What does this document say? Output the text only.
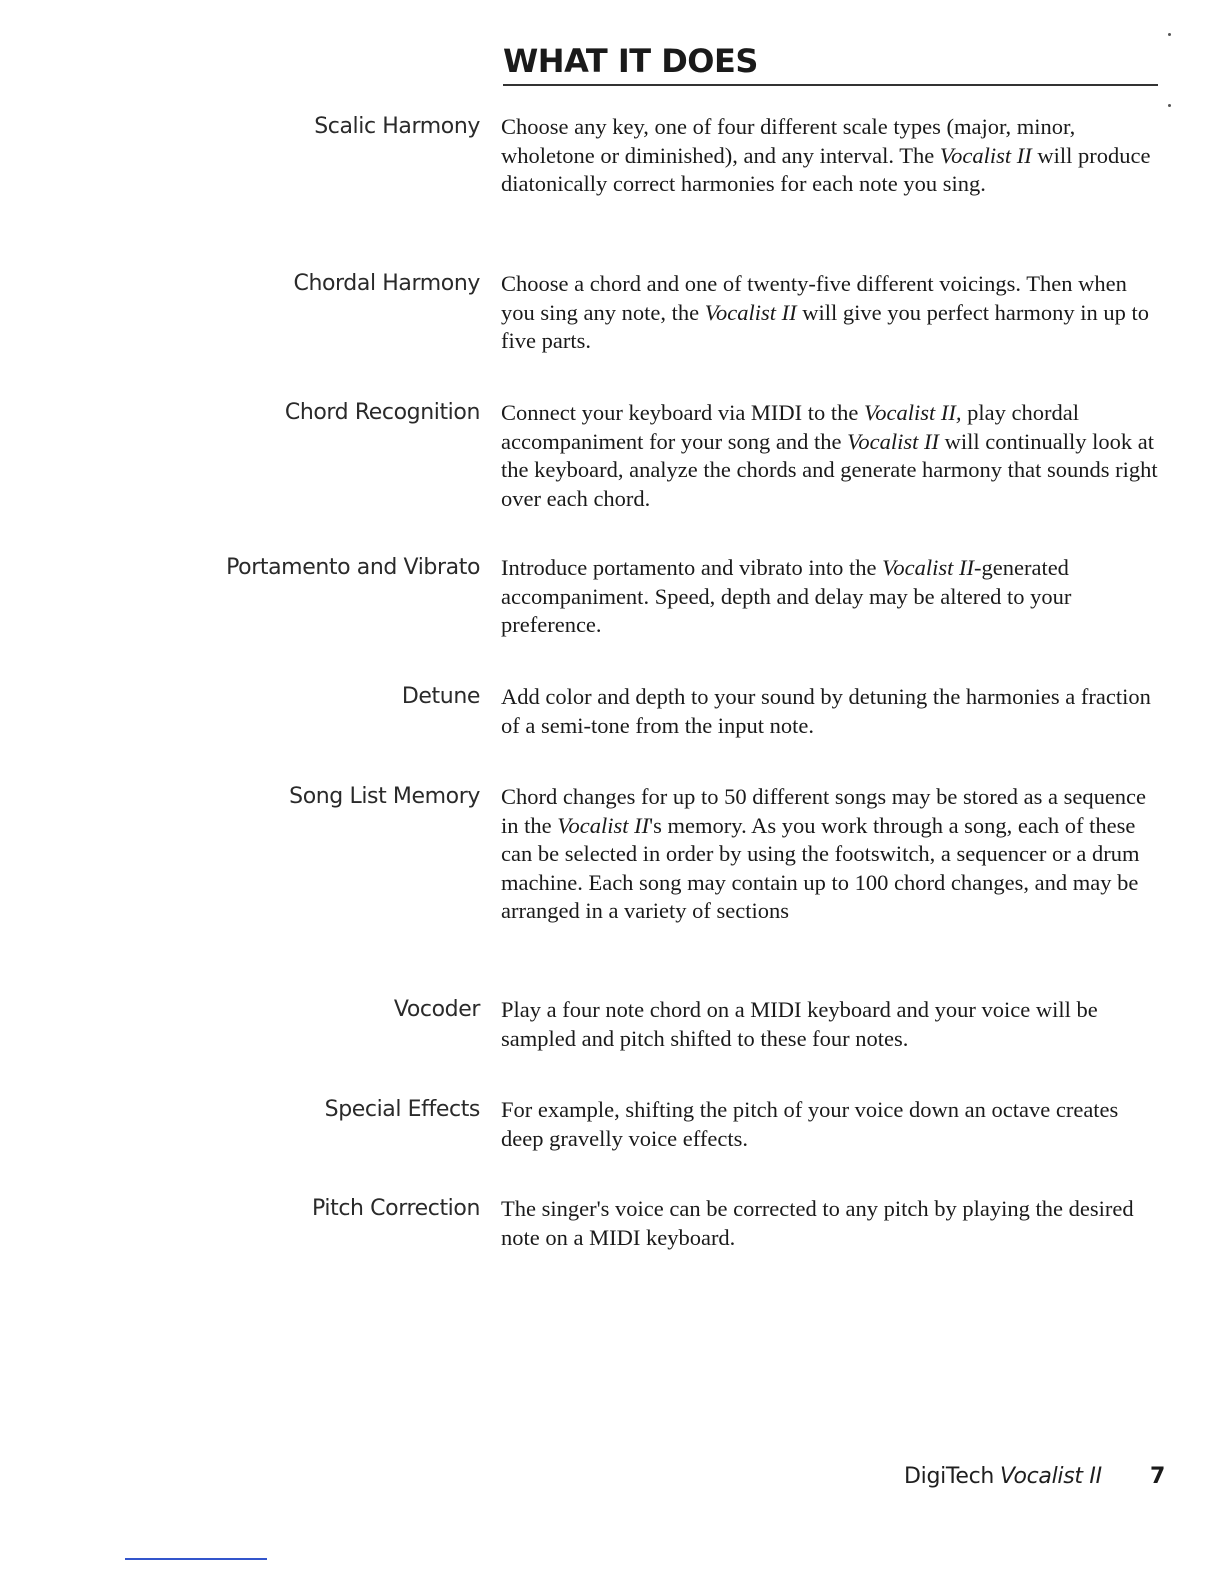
WHAT IT DOES
Scalic Harmony Choose any key, one of four different scale types (major, minor, wholetone or diminished), and any interval. The Vocalist II will produce diatonically correct harmonies for each note you sing.
Chordal Harmony Choose a chord and one of twenty-five different voicings. Then when you sing any note, the Vocalist II will give you perfect harmony in up to five parts.
Chord Recognition Connect your keyboard via MIDI to the Vocalist II, play chordal accompaniment for your song and the Vocalist II will continually look at the keyboard, analyze the chords and generate harmony that sounds right over each chord.
Portamento and Vibrato Introduce portamento and vibrato into the Vocalist II-generated accompaniment. Speed, depth and delay may be altered to your preference.
Detune Add color and depth to your sound by detuning the harmonies a fraction of a semi-tone from the input note.
Song List Memory Chord changes for up to 50 different songs may be stored as a sequence in the Vocalist II's memory. As you work through a song, each of these can be selected in order by using the footswitch, a sequencer or a drum machine. Each song may contain up to 100 chord changes, and may be arranged in a variety of sections
Vocoder Play a four note chord on a MIDI keyboard and your voice will be sampled and pitch shifted to these four notes.
Special Effects For example, shifting the pitch of your voice down an octave creates deep gravelly voice effects.
Pitch Correction The singer's voice can be corrected to any pitch by playing the desired note on a MIDI keyboard.
DigiTech Vocalist II 7
